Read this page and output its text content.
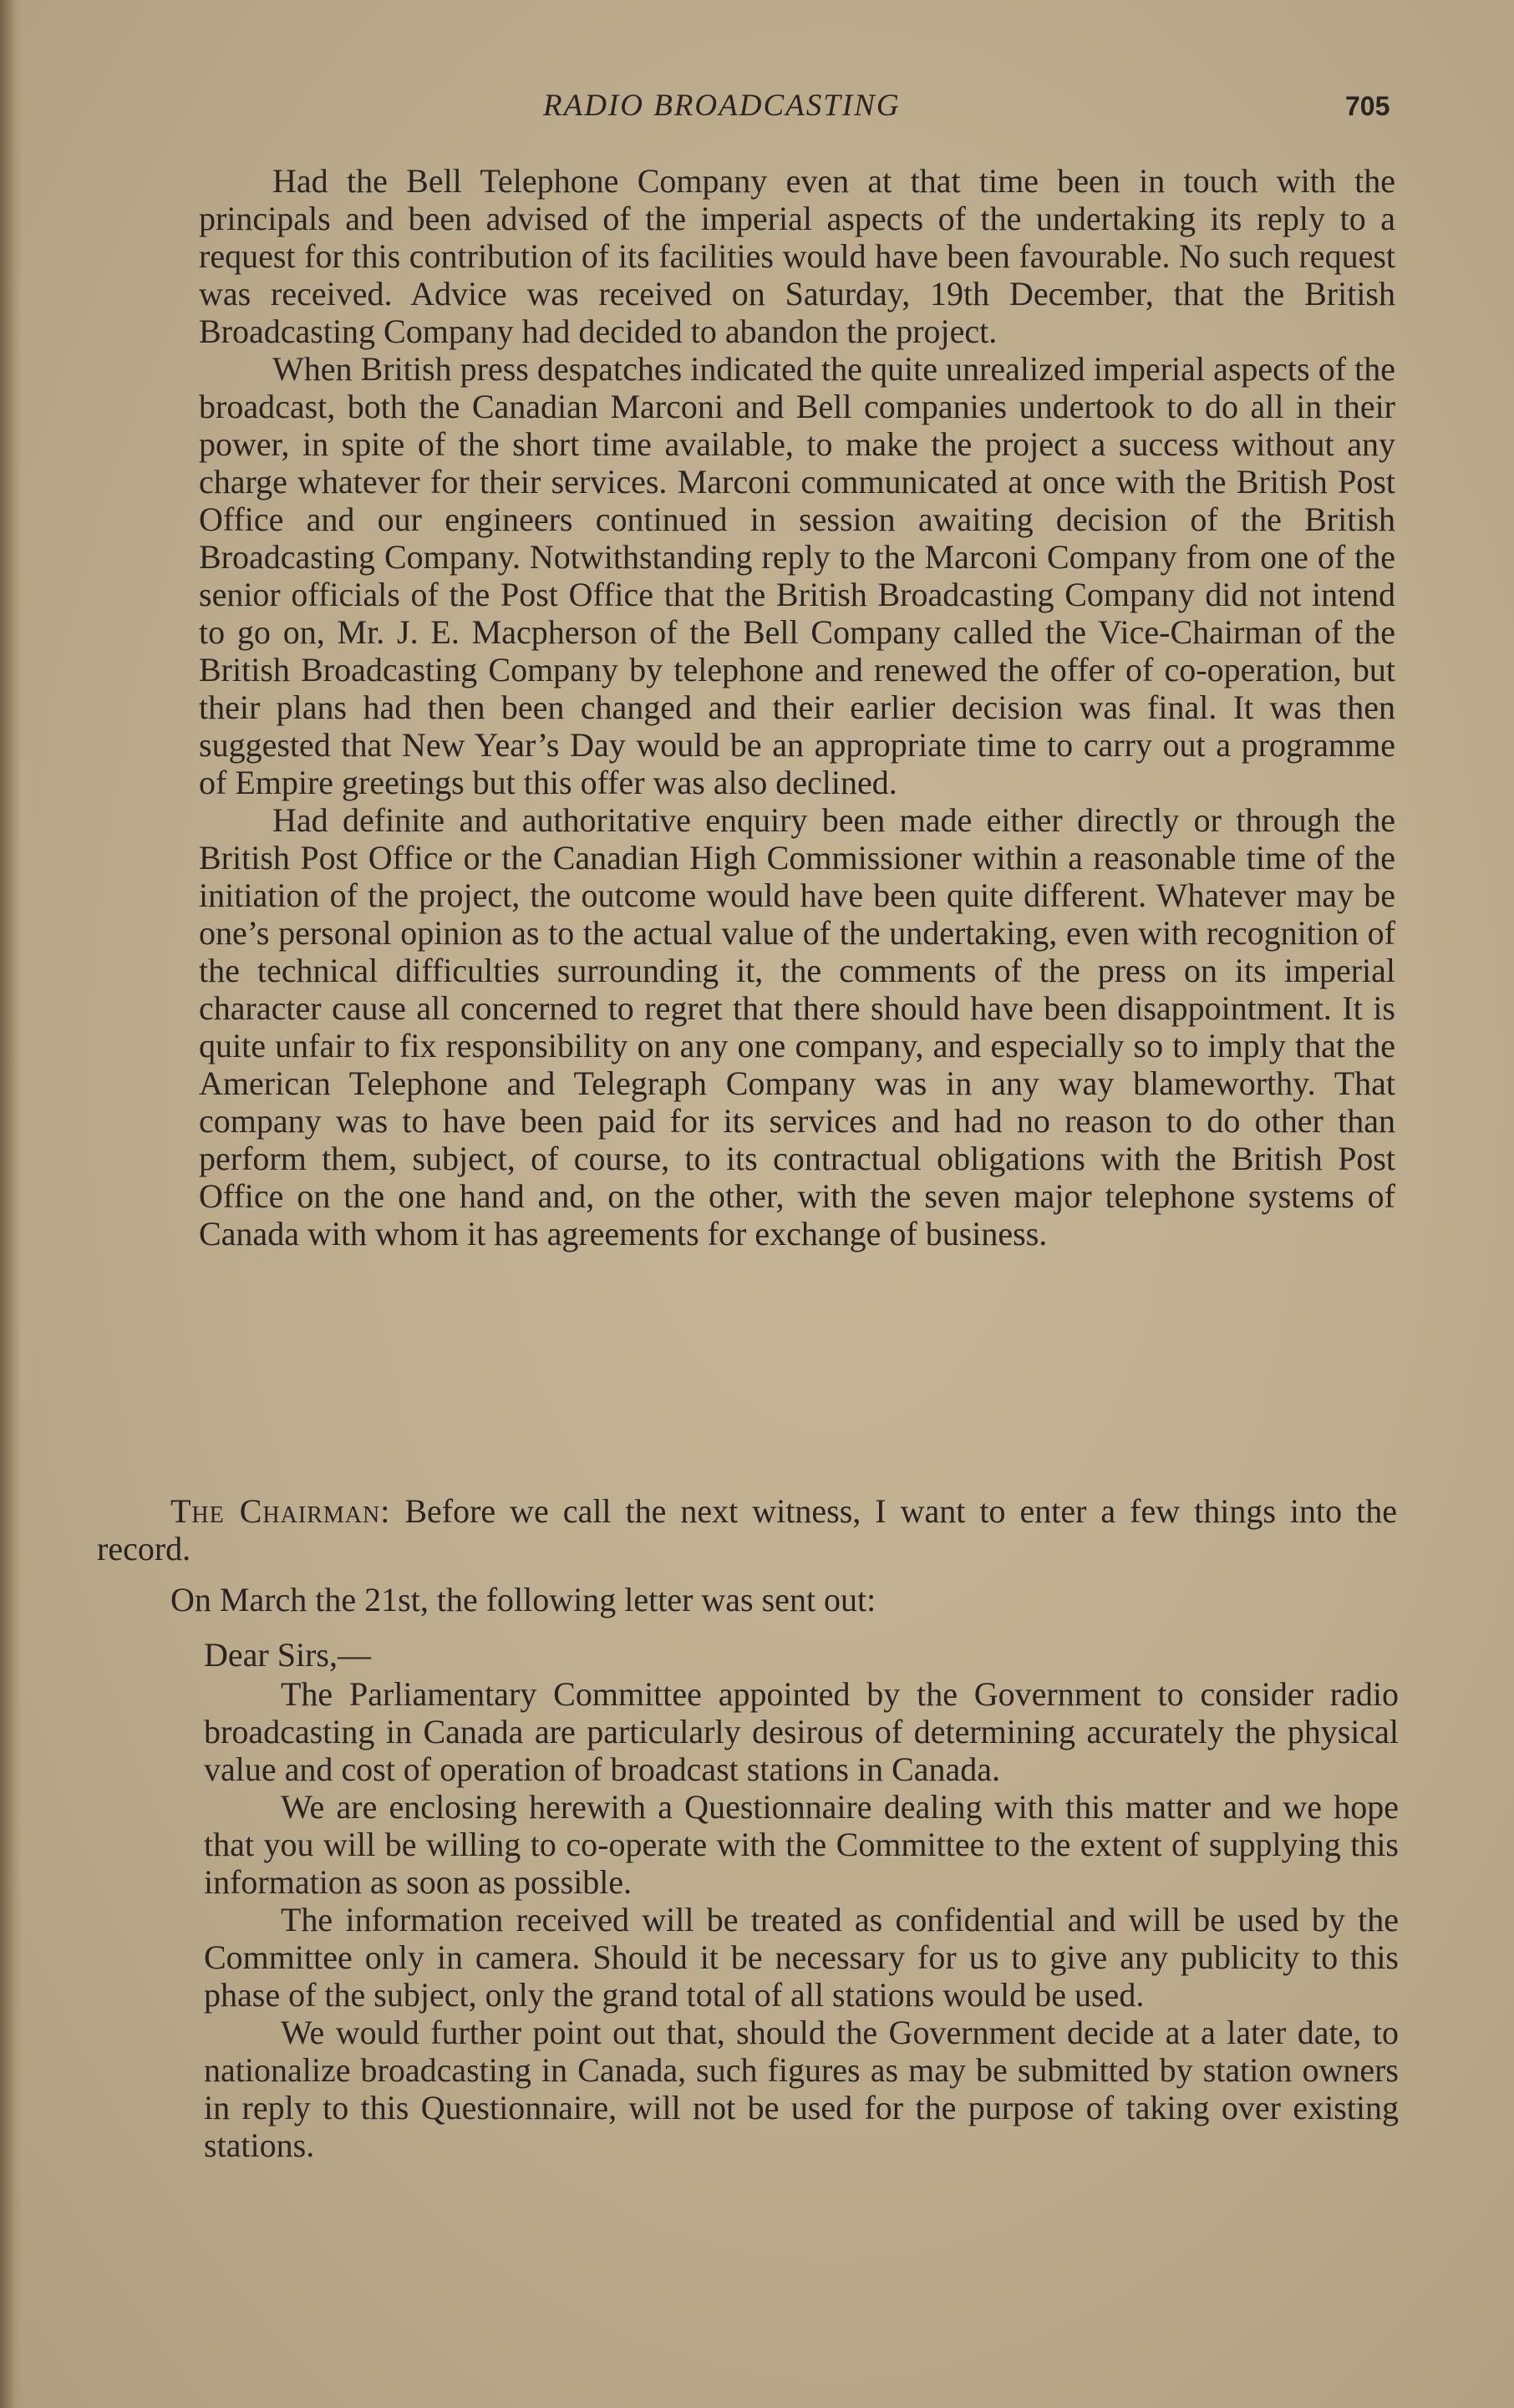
RADIO BROADCASTING	705

Had the Bell Telephone Company even at that time been in touch with the principals and been advised of the imperial aspects of the undertaking its reply to a request for this contribution of its facilities would have been favourable. No such request was received. Advice was received on Saturday, 19th December, that the British Broadcasting Company had decided to abandon the project.

When British press despatches indicated the quite unrealized imperial aspects of the broadcast, both the Canadian Marconi and Bell companies undertook to do all in their power, in spite of the short time available, to make the project a success without any charge whatever for their services. Marconi communicated at once with the British Post Office and our engineers continued in session awaiting decision of the British Broadcasting Company. Notwithstanding reply to the Marconi Company from one of the senior officials of the Post Office that the British Broadcasting Company did not intend to go on, Mr. J. E. Macpherson of the Bell Company called the Vice-Chairman of the British Broadcasting Company by telephone and renewed the offer of co-operation, but their plans had then been changed and their earlier decision was final. It was then suggested that New Year’s Day would be an appropriate time to carry out a programme of Empire greetings but this offer was also declined.

Had definite and authoritative enquiry been made either directly or through the British Post Office or the Canadian High Commissioner within a reasonable time of the initiation of the project, the outcome would have been quite different. Whatever may be one’s personal opinion as to the actual value of the undertaking, even with recognition of the technical difficulties surrounding it, the comments of the press on its imperial character cause all concerned to regret that there should have been disappointment. It is quite unfair to fix responsibility on any one company, and especially so to imply that the American Telephone and Telegraph Company was in any way blameworthy. That company was to have been paid for its services and had no reason to do other than perform them, subject, of course, to its contractual obligations with the British Post Office on the one hand and, on the other, with the seven major telephone systems of Canada with whom it has agreements for exchange of business.

The Chairman: Before we call the next witness, I want to enter a few things into the record.

On March the 21st, the following letter was sent out:

Dear Sirs,—

The Parliamentary Committee appointed by the Government to consider radio broadcasting in Canada are particularly desirous of determining accurately the physical value and cost of operation of broadcast stations in Canada.

We are enclosing herewith a Questionnaire dealing with this matter and we hope that you will be willing to co-operate with the Committee to the extent of supplying this information as soon as possible.

The information received will be treated as confidential and will be used by the Committee only in camera. Should it be necessary for us to give any publicity to this phase of the subject, only the grand total of all stations would be used.

We would further point out that, should the Government decide at a later date, to nationalize broadcasting in Canada, such figures as may be submitted by station owners in reply to this Questionnaire, will not be used for the purpose of taking over existing stations.
